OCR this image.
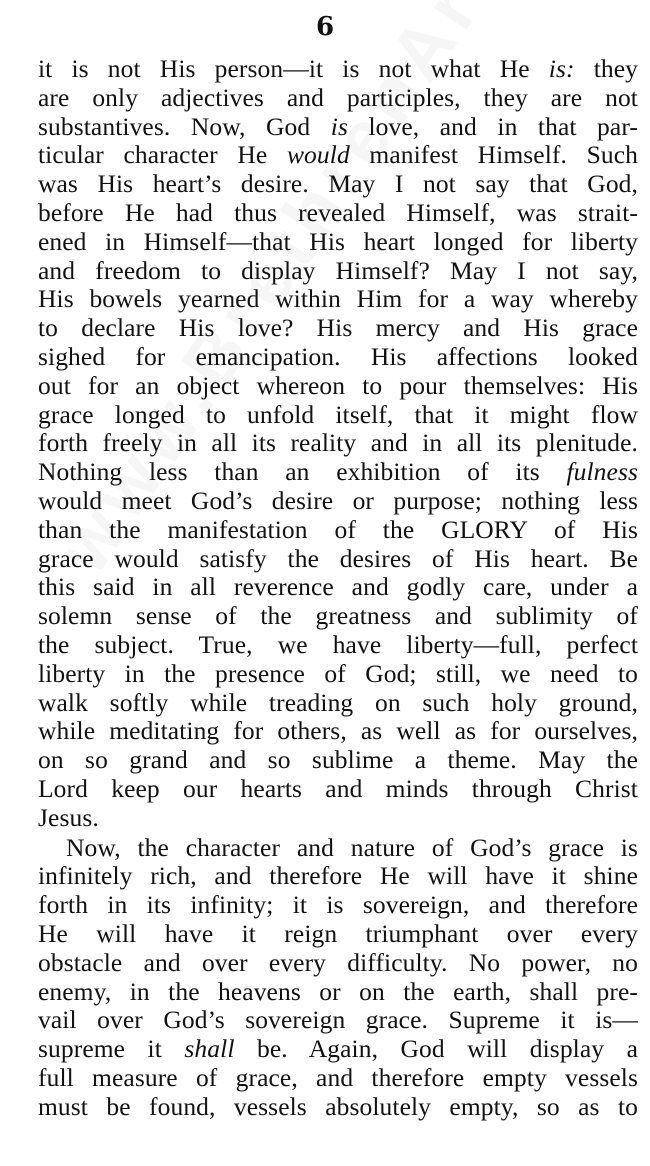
6
it is not His person—it is not what He is: they
are only adjectives and participles, they are not
substantives. Now, God is love, and in that par-
ticular character He would manifest Himself. Such
was His heart’s desire. May I not say that God,
before He had thus revealed Himself, was strait-
ened in Himself—that His heart longed for liberty
and freedom to display Himself? May I not say,
His bowels yearned within Him for a way whereby
to declare His love? His mercy and His grace
sighed for emancipation. His affections looked
out for an object whereon to pour themselves: His
grace longed to unfold itself, that it might flow
forth freely in all its reality and in all its plenitude.
Nothing less than an exhibition of its fulness
would meet God’s desire or purpose; nothing less
than the manifestation of the GLORY of His
grace would satisfy the desires of His heart. Be
this said in all reverence and godly care, under a
solemn sense of the greatness and sublimity of
the subject. True, we have liberty—full, perfect
liberty in the presence of God; still, we need to
walk softly while treading on such holy ground,
while meditating for others, as well as for ourselves,
on so grand and so sublime a theme. May the
Lord keep our hearts and minds through Christ
Jesus.
Now, the character and nature of God’s grace is
infinitely rich, and therefore He will have it shine
forth in its infinity; it is sovereign, and therefore
He will have it reign triumphant over every
obstacle and over every difficulty. No power, no
enemy, in the heavens or on the earth, shall pre-
vail over God’s sovereign grace. Supreme it is—
supreme it shall be. Again, God will display a
full measure of grace, and therefore empty vessels
must be found, vessels absolutely empty, so as to
